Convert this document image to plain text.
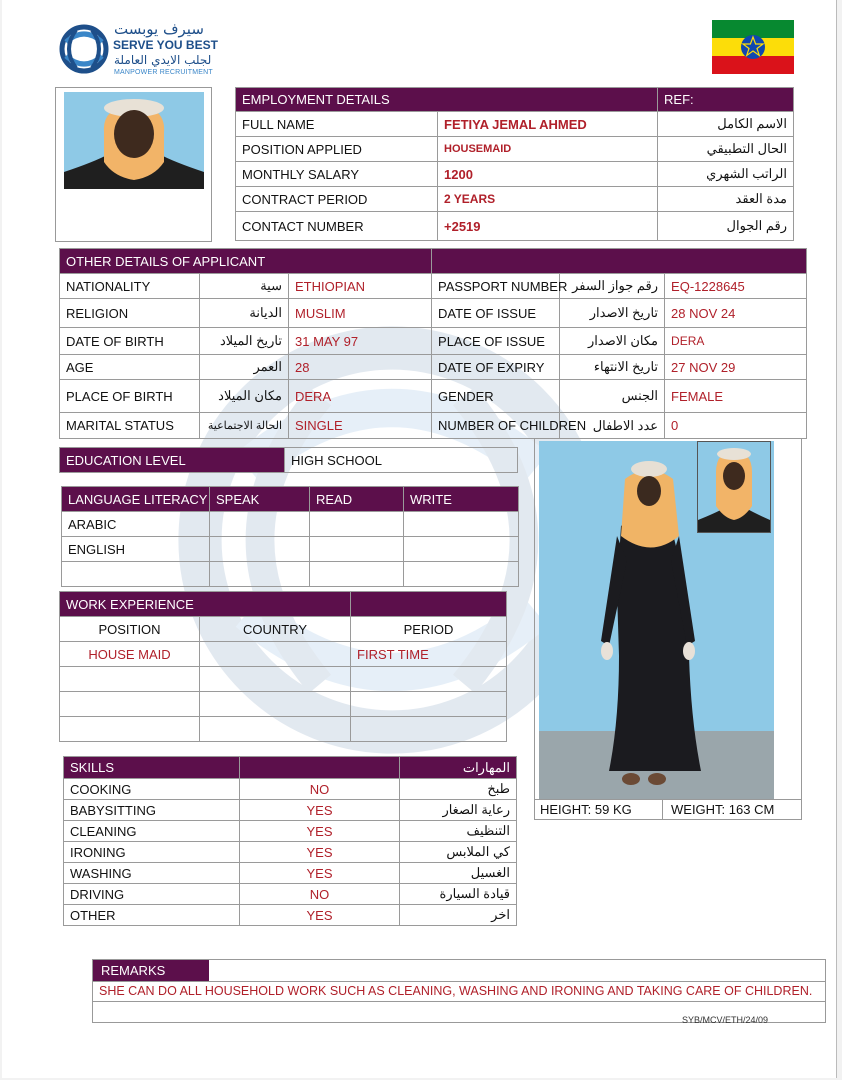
سيرف يوبست
SERVE YOU BEST
لجلب الايدي العاملة
MANPOWER RECRUITMENT
EMPLOYMENT DETAILS		REF:
FULL NAME	FETIYA JEMAL AHMED	الاسم الكامل
POSITION APPLIED	HOUSEMAID	الحال التطبيقي
MONTHLY SALARY	1200	الراتب الشهري
CONTRACT PERIOD	2 YEARS	مدة العقد
CONTACT NUMBER	+2519	رقم الجوال
OTHER DETAILS OF APPLICANT					
NATIONALITY	سية	ETHIOPIAN	PASSPORT NUMBER	رقم جواز السفر	EQ-1228645
RELIGION	الديانة	MUSLIM	DATE OF ISSUE	تاريخ الاصدار	28 NOV 24
DATE OF BIRTH	تاريخ الميلاد	31 MAY 97	PLACE OF ISSUE	مكان الاصدار	DERA
AGE	العمر	28	DATE OF EXPIRY	تاريخ الانتهاء	27 NOV 29
PLACE OF BIRTH	مكان الميلاد	DERA	GENDER	الجنس	FEMALE
MARITAL STATUS	الحالة الاجتماعية	SINGLE	NUMBER OF CHILDREN	عدد الاطفال	0
EDUCATION LEVEL	HIGH SCHOOL
LANGUAGE LITERACY	SPEAK	READ	WRITE
ARABIC			
ENGLISH			

WORK EXPERIENCE		
POSITION	COUNTRY	PERIOD
HOUSE MAID		FIRST TIME

SKILLS		المهارات
COOKING	NO	طبخ
BABYSITTING	YES	رعاية الصغار
CLEANING	YES	التنظيف
IRONING	YES	كي الملابس
WASHING	YES	الغسيل
DRIVING	NO	قيادة السيارة
OTHER	YES	اخر
HEIGHT: 59 KG	WEIGHT: 163 CM
REMARKS
SHE CAN DO ALL HOUSEHOLD WORK SUCH AS CLEANING, WASHING AND IRONING AND TAKING CARE OF CHILDREN.
SYB/MCV/ETH/24/09
